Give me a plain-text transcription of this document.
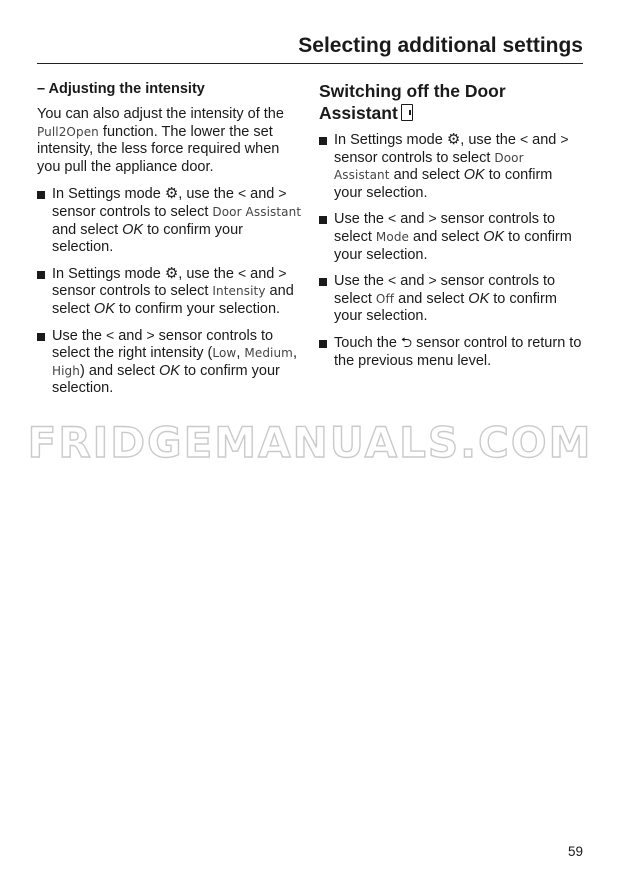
Selecting additional settings

– Adjusting the intensity

You can also adjust the intensity of the Pull2Open function. The lower the set intensity, the less force required when you pull the appliance door.

In Settings mode ⚙, use the < and > sensor controls to select Door Assistant and select OK to confirm your selection.
In Settings mode ⚙, use the < and > sensor controls to select Intensity and select OK to confirm your selection.
Use the < and > sensor controls to select the right intensity (Low, Medium, High) and select OK to confirm your selection.
Switching off the Door Assistant
In Settings mode ⚙, use the < and > sensor controls to select Door Assistant and select OK to confirm your selection.
Use the < and > sensor controls to select Mode and select OK to confirm your selection.
Use the < and > sensor controls to select Off and select OK to confirm your selection.
Touch the ⮌ sensor control to return to the previous menu level.
FRIDGEMANUALS.COM
59
